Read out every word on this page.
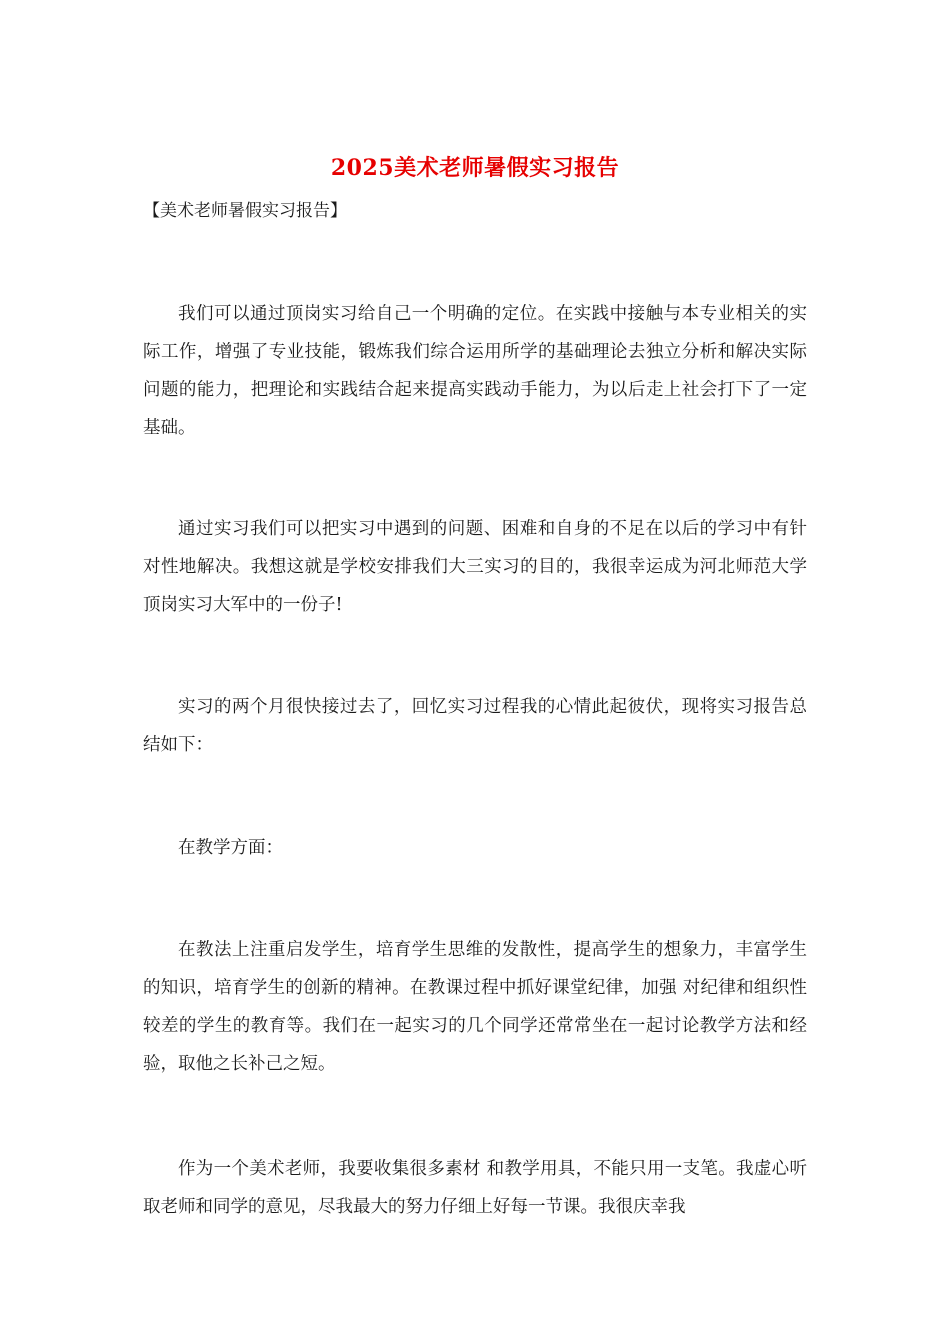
2025美术老师暑假实习报告
【美术老师暑假实习报告】

我们可以通过顶岗实习给自己一个明确的定位。在实践中接触与本专业相关的实际工作，增强了专业技能，锻炼我们综合运用所学的基础理论去独立分析和解决实际 问题的能力，把理论和实践结合起来提高实践动手能力，为以后走上社会打下了一定基础。

通过实习我们可以把实习中遇到的问题、困难和自身的不足在以后的学习中有针对性地解决。我想这就是学校安排我们大三实习的目的，我很幸运成为河北师范大学顶岗实习大军中的一份子!

实习的两个月很快接过去了，回忆实习过程我的心情此起彼伏，现将实习报告总结如下：

在教学方面：

在教法上注重启发学生，培育学生思维的发散性，提高学生的想象力，丰富学生的知识，培育学生的创新的精神。在教课过程中抓好课堂纪律，加强 对纪律和组织性较差的学生的教育等。我们在一起实习的几个同学还常常坐在一起讨论教学方法和经验，取他之长补己之短。

作为一个美术老师，我要收集很多素材 和教学用具，不能只用一支笔。我虚心听取老师和同学的意见，尽我最大的努力仔细上好每一节课。我很庆幸我
